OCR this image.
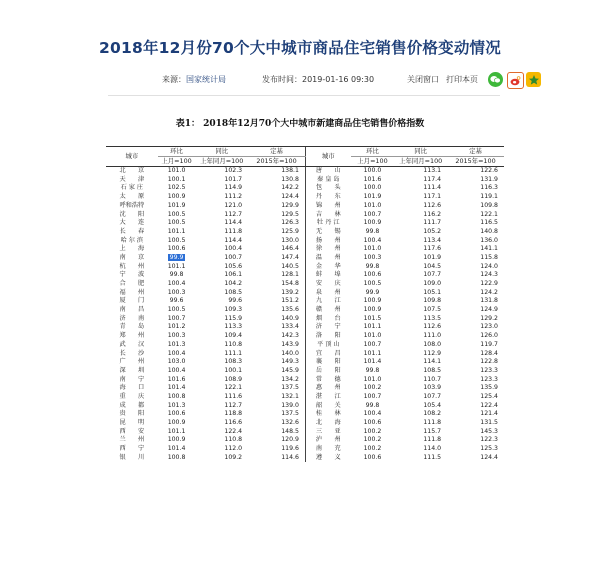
2018年12月份70个大中城市商品住宅销售价格变动情况
来源：国家统计局	发布时间：2019-01-16 09:30	关闭窗口 打印本页
表1： 2018年12月70个大中城市新建商品住宅销售价格指数
城市	环比	同比	定基	城市	环比	同比	定基
	上月=100	上年同月=100	2015年=100		上月=100	上年同月=100	2015年=100
北　　京	101.0	102.3	138.1	唐　　山	100.0	113.1	122.6
天　　津	100.1	101.7	130.8	秦 皇 岛	101.6	117.4	131.9
石 家 庄	102.5	114.9	142.2	包　　头	100.0	111.4	116.3
太　　原	100.9	111.2	124.4	丹　　东	101.9	117.1	119.1
呼和浩特	101.9	121.0	129.9	锦　　州	101.0	112.6	109.8
沈　　阳	100.5	112.7	129.5	吉　　林	100.7	116.2	122.1
大　　连	100.5	114.4	126.3	牡 丹 江	100.9	111.7	116.5
长　　春	101.1	111.8	125.9	无　　锡	99.8	105.2	140.8
哈 尔 滨	100.5	114.4	130.0	扬　　州	100.4	113.4	136.0
上　　海	100.6	100.4	146.4	徐　　州	101.0	117.6	141.1
南　　京	99.9	100.7	147.4	温　　州	100.3	101.9	115.8
杭　　州	101.1	105.6	140.5	金　　华	99.8	104.5	124.0
宁　　波	99.8	106.1	128.1	蚌　　埠	100.6	107.7	124.3
合　　肥	100.4	104.2	154.8	安　　庆	100.5	109.0	122.9
福　　州	100.3	108.5	139.2	泉　　州	99.9	105.1	124.2
厦　　门	99.6	99.6	151.2	九　　江	100.9	109.8	131.8
南　　昌	100.5	109.3	135.6	赣　　州	100.9	107.5	124.9
济　　南	100.7	115.9	140.9	烟　　台	101.5	113.5	129.2
青　　岛	101.2	113.3	133.4	济　　宁	101.1	112.6	123.0
郑　　州	100.3	109.4	142.3	洛　　阳	101.0	111.0	126.0
武　　汉	101.3	110.8	143.9	平 顶 山	100.7	108.0	119.7
长　　沙	100.4	111.1	140.0	宜　　昌	101.1	112.9	128.4
广　　州	103.0	108.3	149.3	襄　　阳	101.4	114.1	122.8
深　　圳	100.4	100.1	145.9	岳　　阳	99.8	108.5	123.3
南　　宁	101.6	108.9	134.2	常　　德	101.0	110.7	123.3
海　　口	101.4	122.1	137.5	惠　　州	100.2	103.9	135.9
重　　庆	100.8	111.6	132.1	湛　　江	100.7	107.7	125.4
成　　都	101.3	112.7	139.0	韶　　关	99.8	105.4	122.4
贵　　阳	100.6	118.8	137.5	桂　　林	100.4	108.2	121.4
昆　　明	100.9	116.6	132.6	北　　海	100.6	111.8	131.5
西　　安	101.1	122.4	148.5	三　　亚	100.2	115.7	145.3
兰　　州	100.9	110.8	120.9	泸　　州	100.2	111.8	122.3
西　　宁	101.4	112.0	119.6	南　　充	100.2	114.0	125.3
银　　川	100.8	109.2	114.6	遵　　义	100.6	111.5	124.4
